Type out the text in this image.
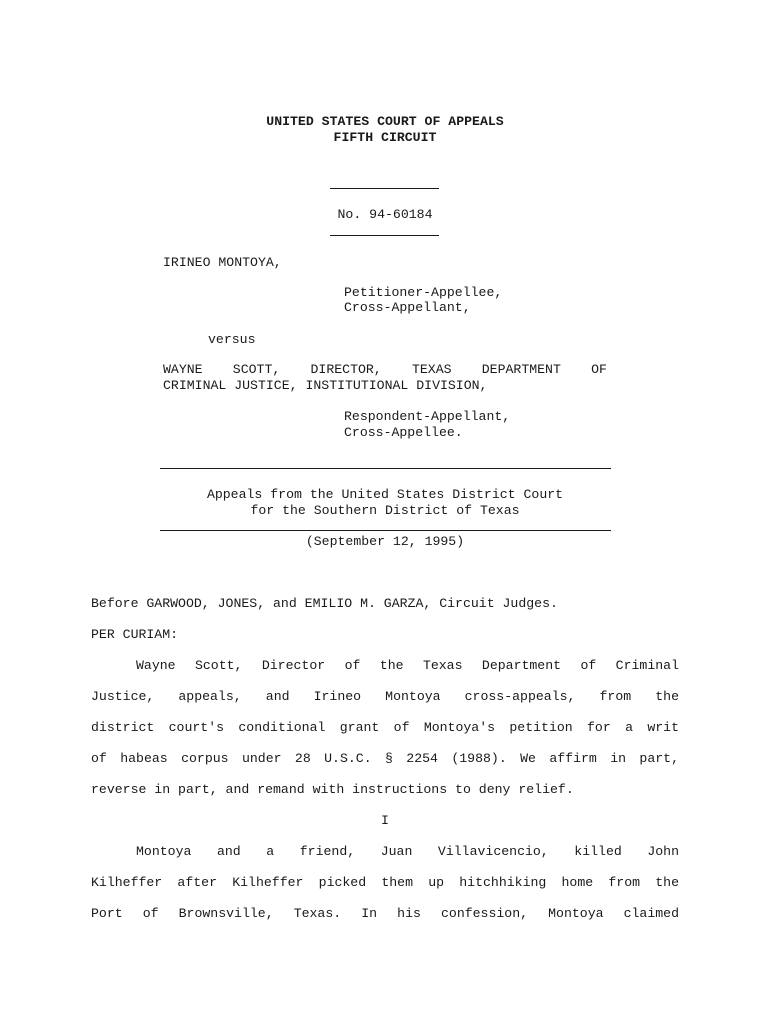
UNITED STATES COURT OF APPEALS
FIFTH CIRCUIT
No. 94-60184
IRINEO MONTOYA,
Petitioner-Appellee,
Cross-Appellant,
versus
WAYNE SCOTT, DIRECTOR, TEXAS DEPARTMENT OF
CRIMINAL JUSTICE, INSTITUTIONAL DIVISION,
Respondent-Appellant,
Cross-Appellee.
Appeals from the United States District Court
for the Southern District of Texas
(September 12, 1995)
Before GARWOOD, JONES, and EMILIO M. GARZA, Circuit Judges.
PER CURIAM:
Wayne Scott, Director of the Texas Department of Criminal
Justice, appeals, and Irineo Montoya cross-appeals, from the
district court's conditional grant of Montoya's petition for a writ
of habeas corpus under 28 U.S.C. § 2254 (1988). We affirm in part,
reverse in part, and remand with instructions to deny relief.
I
Montoya and a friend, Juan Villavicencio, killed John
Kilheffer after Kilheffer picked them up hitchhiking home from the
Port of Brownsville, Texas. In his confession, Montoya claimed
